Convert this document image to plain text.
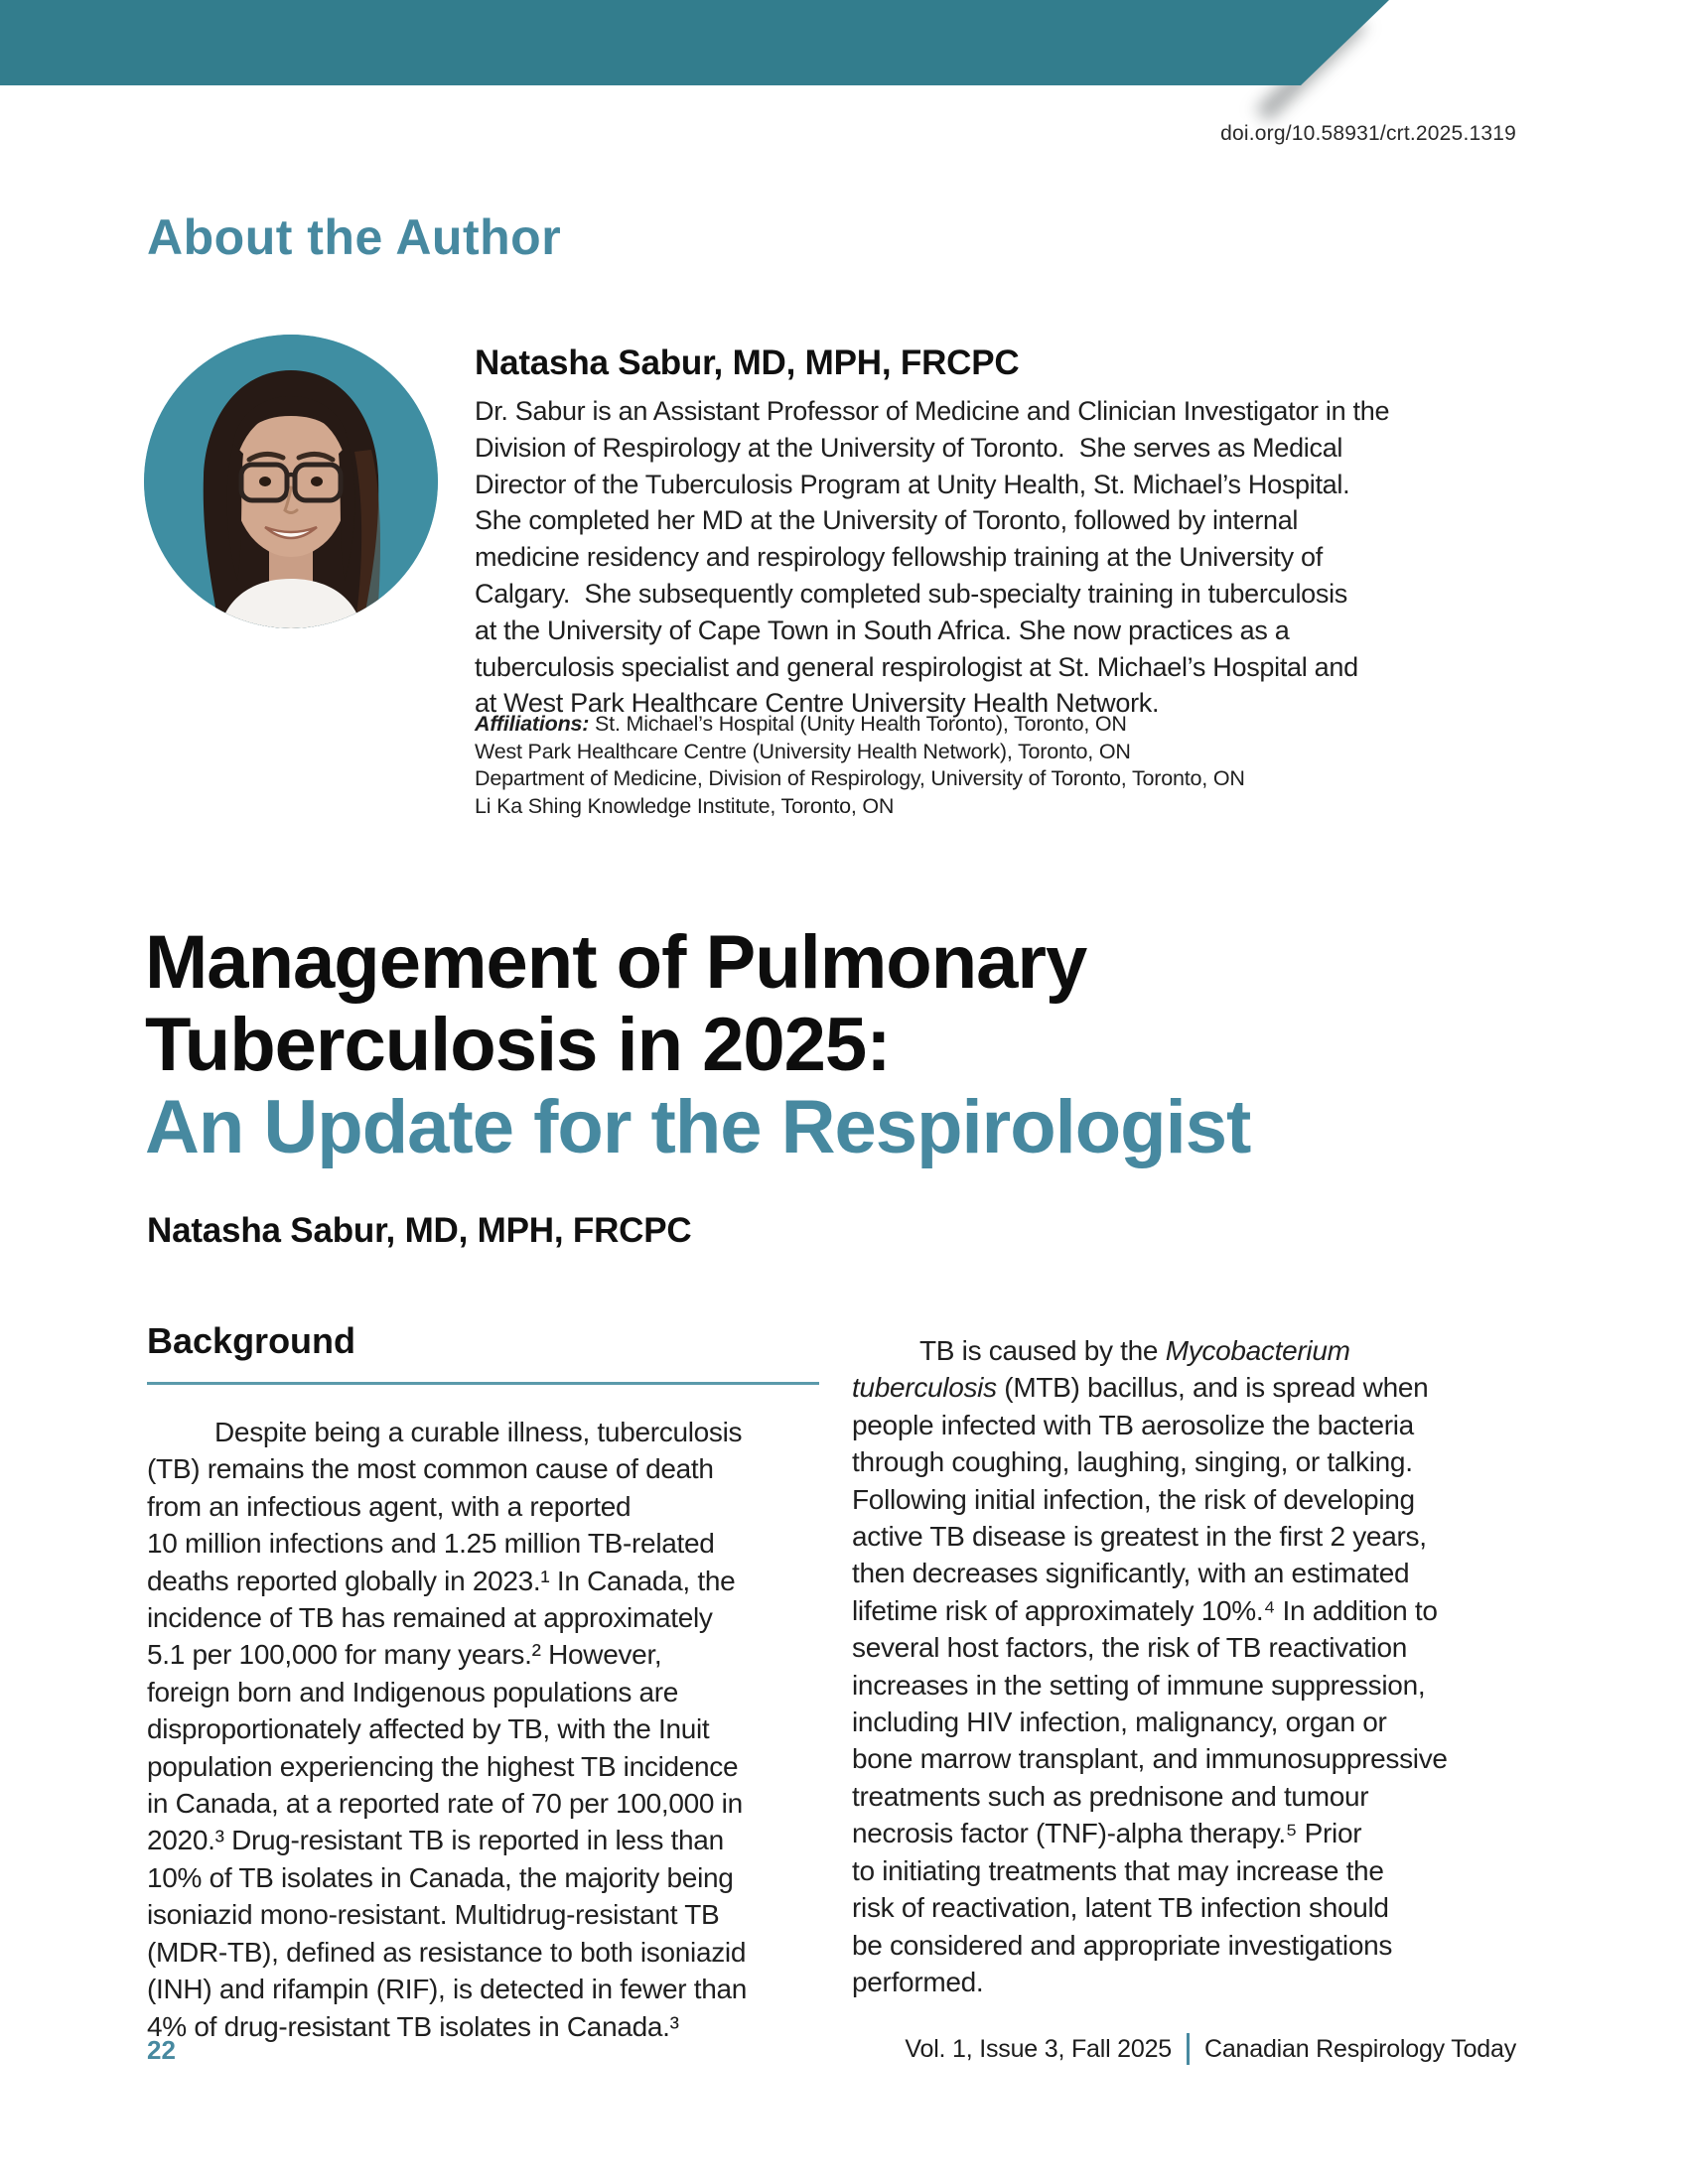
doi.org/10.58931/crt.2025.1319
About the Author
Natasha Sabur, MD, MPH, FRCPC
Dr. Sabur is an Assistant Professor of Medicine and Clinician Investigator in the
Division of Respirology at the University of Toronto.  She serves as Medical
Director of the Tuberculosis Program at Unity Health, St. Michael’s Hospital.
She completed her MD at the University of Toronto, followed by internal
medicine residency and respirology fellowship training at the University of
Calgary.  She subsequently completed sub-specialty training in tuberculosis
at the University of Cape Town in South Africa. She now practices as a
tuberculosis specialist and general respirologist at St. Michael’s Hospital and
at West Park Healthcare Centre University Health Network.
Affiliations: St. Michael’s Hospital (Unity Health Toronto), Toronto, ON
West Park Healthcare Centre (University Health Network), Toronto, ON
Department of Medicine, Division of Respirology, University of Toronto, Toronto, ON
Li Ka Shing Knowledge Institute, Toronto, ON
Management of Pulmonary
Tuberculosis in 2025:
An Update for the Respirologist
Natasha Sabur, MD, MPH, FRCPC
Background
Despite being a curable illness, tuberculosis
(TB) remains the most common cause of death
from an infectious agent, with a reported
10 million infections and 1.25 million TB-related
deaths reported globally in 2023.¹ In Canada, the
incidence of TB has remained at approximately
5.1 per 100,000 for many years.² However,
foreign born and Indigenous populations are
disproportionately affected by TB, with the Inuit
population experiencing the highest TB incidence
in Canada, at a reported rate of 70 per 100,000 in
2020.³ Drug-resistant TB is reported in less than
10% of TB isolates in Canada, the majority being
isoniazid mono-resistant. Multidrug-resistant TB
(MDR-TB), defined as resistance to both isoniazid
(INH) and rifampin (RIF), is detected in fewer than
4% of drug-resistant TB isolates in Canada.³
TB is caused by the Mycobacterium
tuberculosis (MTB) bacillus, and is spread when
people infected with TB aerosolize the bacteria
through coughing, laughing, singing, or talking.
Following initial infection, the risk of developing
active TB disease is greatest in the first 2 years,
then decreases significantly, with an estimated
lifetime risk of approximately 10%.⁴ In addition to
several host factors, the risk of TB reactivation
increases in the setting of immune suppression,
including HIV infection, malignancy, organ or
bone marrow transplant, and immunosuppressive
treatments such as prednisone and tumour
necrosis factor (TNF)-alpha therapy.⁵ Prior
to initiating treatments that may increase the
risk of reactivation, latent TB infection should
be considered and appropriate investigations
performed.
22	Vol. 1, Issue 3, Fall 2025 Canadian Respirology Today
